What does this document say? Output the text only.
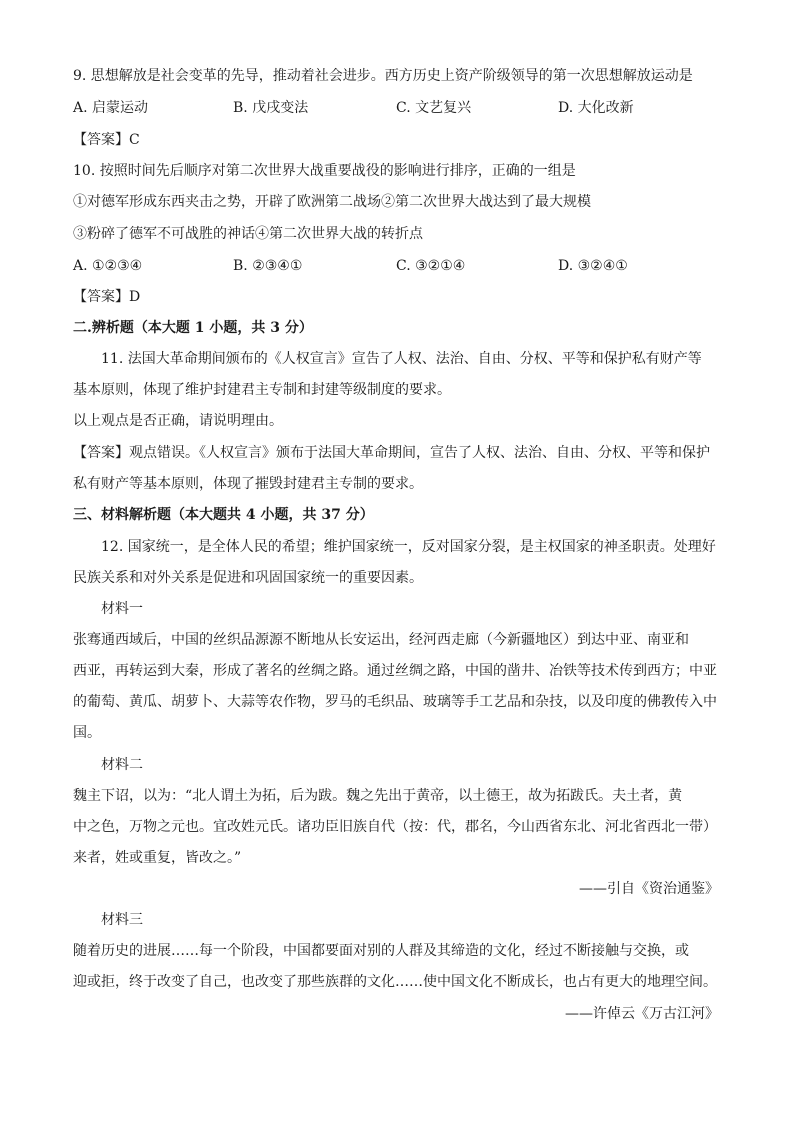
9. 思想解放是社会变革的先导，推动着社会进步。西方历史上资产阶级领导的第一次思想解放运动是
A. 启蒙运动	B. 戊戌变法	C. 文艺复兴	D. 大化改新
【答案】C
10. 按照时间先后顺序对第二次世界大战重要战役的影响进行排序，正确的一组是
①对德军形成东西夹击之势，开辟了欧洲第二战场②第二次世界大战达到了最大规模
③粉碎了德军不可战胜的神话④第二次世界大战的转折点
A. ①②③④	B. ②③④①	C. ③②①④	D. ③②④①
【答案】D
二.辨析题（本大题 1 小题，共 3 分）
11. 法国大革命期间颁布的《人权宣言》宣告了人权、法治、自由、分权、平等和保护私有财产等
基本原则，体现了维护封建君主专制和封建等级制度的要求。
以上观点是否正确，请说明理由。
【答案】观点错误。《人权宣言》颁布于法国大革命期间，宣告了人权、法治、自由、分权、平等和保护
私有财产等基本原则，体现了摧毁封建君主专制的要求。
三、材料解析题（本大题共 4 小题，共 37 分）
12. 国家统一，是全体人民的希望；维护国家统一，反对国家分裂，是主权国家的神圣职责。处理好
民族关系和对外关系是促进和巩固国家统一的重要因素。
材料一
张骞通西域后，中国的丝织品源源不断地从长安运出，经河西走廊（今新疆地区）到达中亚、南亚和
西亚，再转运到大秦，形成了著名的丝绸之路。通过丝绸之路，中国的凿井、冶铁等技术传到西方；中亚
的葡萄、黄瓜、胡萝卜、大蒜等农作物，罗马的毛织品、玻璃等手工艺品和杂技，以及印度的佛教传入中
国。
材料二
魏主下诏，以为：“北人谓土为拓，后为跋。魏之先出于黄帝，以土德王，故为拓跋氏。夫土者，黄
中之色，万物之元也。宜改姓元氏。诸功臣旧族自代（按：代，郡名，今山西省东北、河北省西北一带）
来者，姓或重复，皆改之。”
——引自《资治通鉴》
材料三
随着历史的进展……每一个阶段，中国都要面对别的人群及其缔造的文化，经过不断接触与交换，或
迎或拒，终于改变了自己，也改变了那些族群的文化……使中国文化不断成长，也占有更大的地理空间。
——许倬云《万古江河》
